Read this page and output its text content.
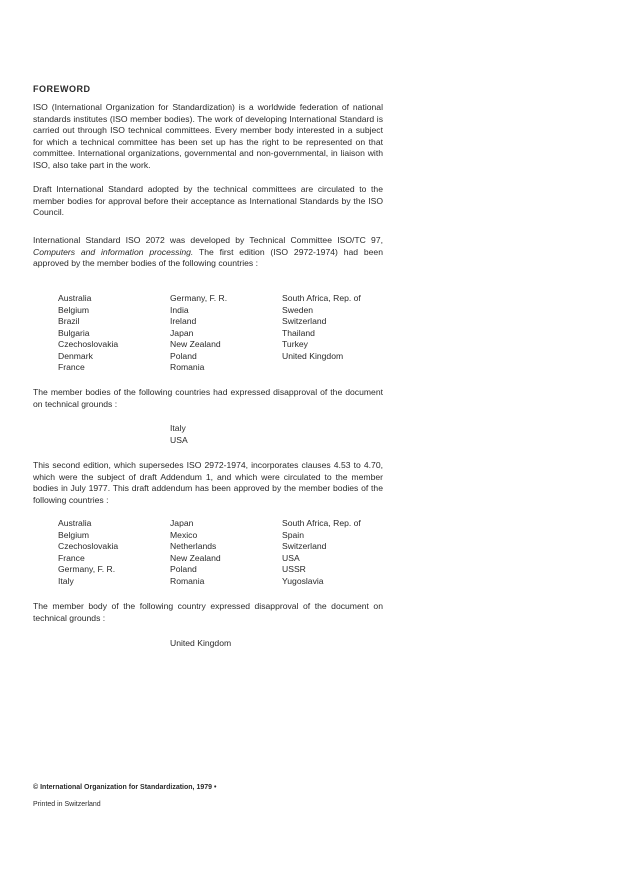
FOREWORD

ISO (International Organization for Standardization) is a worldwide federation of national standards institutes (ISO member bodies). The work of developing International Standard is carried out through ISO technical committees. Every member body interested in a subject for which a technical committee has been set up has the right to be represented on that committee. International organizations, governmental and non-governmental, in liaison with ISO, also take part in the work.

Draft International Standard adopted by the technical committees are circulated to the member bodies for approval before their acceptance as International Standards by the ISO Council.

International Standard ISO 2072 was developed by Technical Committee ISO/TC 97, Computers and information processing. The first edition (ISO 2972-1974) had been approved by the member bodies of the following countries :

Australia
Belgium
Brazil
Bulgaria
Czechoslovakia
Denmark
France
Germany, F. R.
India
Ireland
Japan
New Zealand
Poland
Romania
South Africa, Rep. of
Sweden
Switzerland
Thailand
Turkey
United Kingdom

The member bodies of the following countries had expressed disapproval of the document on technical grounds :

Italy
USA

This second edition, which supersedes ISO 2972-1974, incorporates clauses 4.53 to 4.70, which were the subject of draft Addendum 1, and which were circulated to the member bodies in July 1977. This draft addendum has been approved by the member bodies of the following countries :

Australia
Belgium
Czechoslovakia
France
Germany, F. R.
Italy
Japan
Mexico
Netherlands
New Zealand
Poland
Romania
South Africa, Rep. of
Spain
Switzerland
USA
USSR
Yugoslavia

The member body of the following country expressed disapproval of the document on technical grounds :

United Kingdom
© International Organization for Standardization, 1979 •
Printed in Switzerland
